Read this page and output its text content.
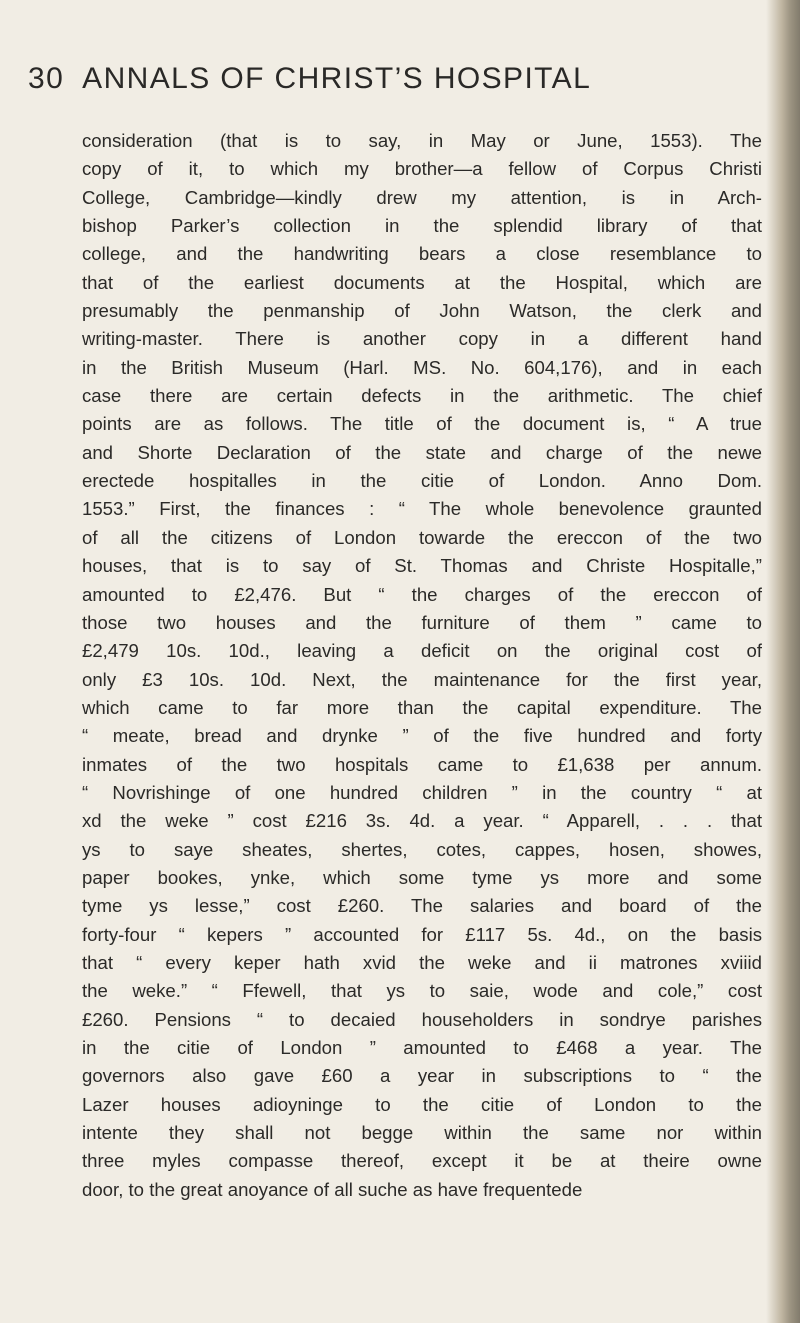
30 ANNALS OF CHRIST’S HOSPITAL
consideration (that is to say, in May or June, 1553). The
copy of it, to which my brother—a fellow of Corpus Christi
College, Cambridge—kindly drew my attention, is in Arch-
bishop Parker’s collection in the splendid library of that
college, and the handwriting bears a close resemblance to
that of the earliest documents at the Hospital, which are
presumably the penmanship of John Watson, the clerk and
writing-master. There is another copy in a different hand
in the British Museum (Harl. MS. No. 604,176), and in each
case there are certain defects in the arithmetic. The chief
points are as follows. The title of the document is, “ A true
and Shorte Declaration of the state and charge of the newe
erectede hospitalles in the citie of London. Anno Dom.
1553.” First, the finances : “ The whole benevolence graunted
of all the citizens of London towarde the ereccon of the two
houses, that is to say of St. Thomas and Christe Hospitalle,”
amounted to £2,476. But “ the charges of the ereccon of
those two houses and the furniture of them ” came to
£2,479 10s. 10d., leaving a deficit on the original cost of
only £3 10s. 10d. Next, the maintenance for the first year,
which came to far more than the capital expenditure. The
“ meate, bread and drynke ” of the five hundred and forty
inmates of the two hospitals came to £1,638 per annum.
“ Novrishinge of one hundred children ” in the country “ at
xd the weke ” cost £216 3s. 4d. a year. “ Apparell, . . . that
ys to saye sheates, shertes, cotes, cappes, hosen, showes,
paper bookes, ynke, which some tyme ys more and some
tyme ys lesse,” cost £260. The salaries and board of the
forty-four “ kepers ” accounted for £117 5s. 4d., on the basis
that “ every keper hath xvid the weke and ii matrones xviiid
the weke.” “ Ffewell, that ys to saie, wode and cole,” cost
£260. Pensions “ to decaied householders in sondrye parishes
in the citie of London ” amounted to £468 a year. The
governors also gave £60 a year in subscriptions to “ the
Lazer houses adioyninge to the citie of London to the
intente they shall not begge within the same nor within
three myles compasse thereof, except it be at theire owne
door, to the great anoyance of all suche as have frequentede
